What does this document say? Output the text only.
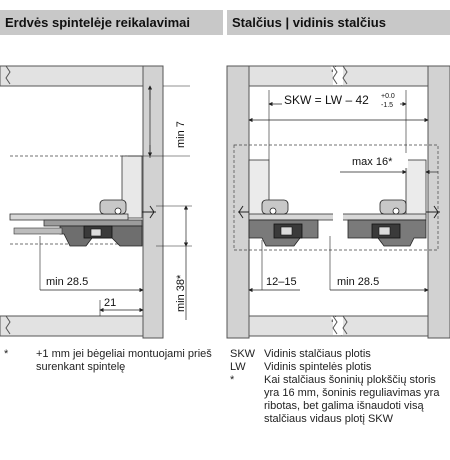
Erdvės spintelėje reikalavimai	Stalčius | vidinis stalčius
min 7
min 38*
min 28.5
21
SKW = LW – 42 +0.0
-1.5
max 16*
12–15	min 28.5
*	+1 mm jei bėgeliai montuojami prieš surenkant spintelę
SKW Vidinis stalčiaus plotis
LW	Vidinis spintelės plotis
*	Kai stalčiaus šoninių plokščių storis yra 16 mm, šoninis reguliavimas yra ribotas, bet galima išnaudoti visą stalčiaus vidaus plotį SKW
